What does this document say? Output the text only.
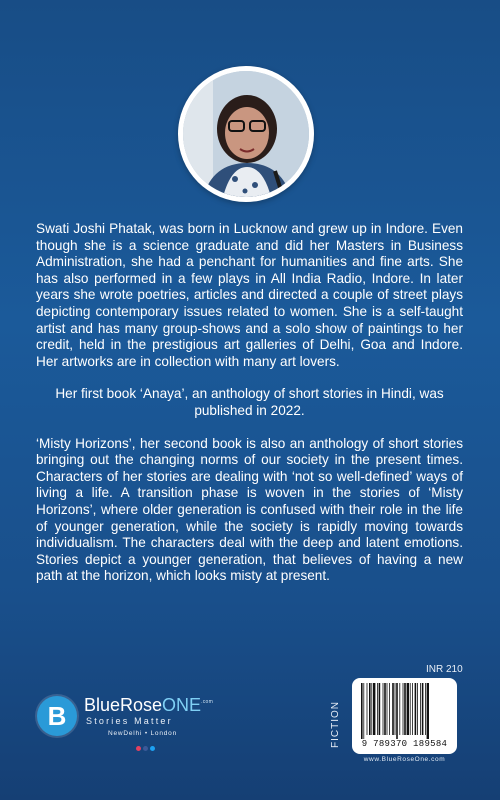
Swati Joshi Phatak, was born in Lucknow and grew up in Indore. Even though she is a science graduate and did her Masters in Business Administration, she had a penchant for humanities and fine arts. She has also performed in a few plays in All India Radio, Indore. In later years she wrote poetries, articles and directed a couple of street plays depicting contemporary issues related to women. She is a self-taught artist and has many group-shows and a solo show of paintings to her credit, held in the prestigious art galleries of Delhi, Goa and Indore. Her artworks are in collection with many art lovers.

Her first book ‘Anaya’, an anthology of short stories in Hindi, was published in 2022.

‘Misty Horizons’, her second book is also an anthology of short stories bringing out the changing norms of our society in the present times. Characters of her stories are dealing with ‘not so well-defined’ ways of living a life. A transition phase is woven in the stories of ‘Misty Horizons’, where older generation is confused with their role in the life of younger generation, while the society is rapidly moving towards individualism. The characters deal with the deep and latent emotions. Stories depict a younger generation, that believes of having a new path at the horizon, which looks misty at present.

B BlueRoseONE$^{.com}$
Stories Matter
NewDelhi • London
INR 210
FICTION	9 789370 189584
www.BlueRoseOne.com
